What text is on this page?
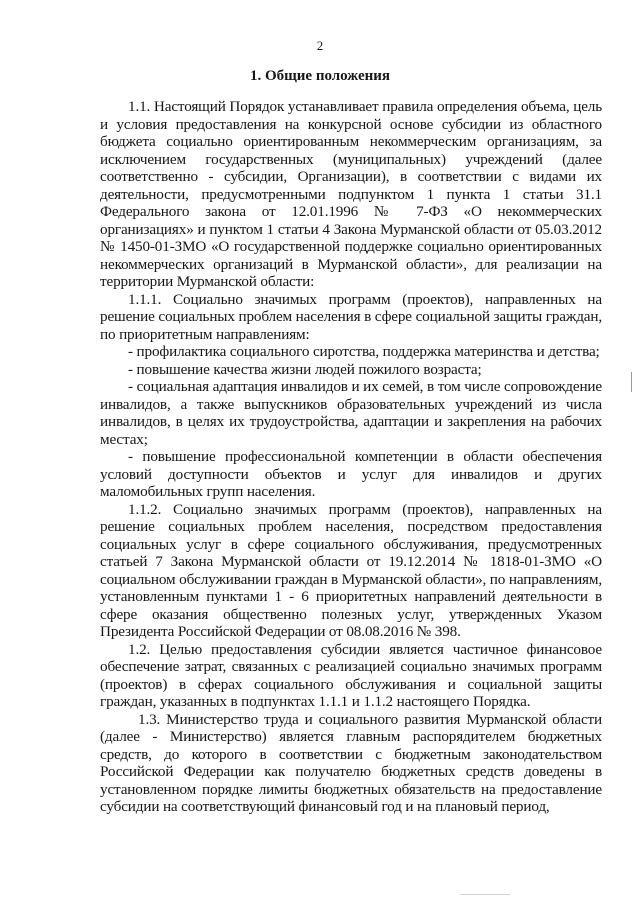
2
1. Общие положения

1.1. Настоящий Порядок устанавливает правила определения объема, цель и условия предоставления на конкурсной основе субсидии из областного бюджета социально ориентированным некоммерческим организациям, за исключением государственных (муниципальных) учреждений (далее соответственно - субсидии, Организации), в соответствии с видами их деятельности, предусмотренными подпунктом 1 пункта 1 статьи 31.1 Федерального закона от 12.01.1996 № 7-ФЗ «О некоммерческих организациях» и пунктом 1 статьи 4 Закона Мурманской области от 05.03.2012 № 1450-01-ЗМО «О государственной поддержке социально ориентированных некоммерческих организаций в Мурманской области», для реализации на территории Мурманской области:

1.1.1. Социально значимых программ (проектов), направленных на решение социальных проблем населения в сфере социальной защиты граждан, по приоритетным направлениям:

- профилактика социального сиротства, поддержка материнства и детства;

- повышение качества жизни людей пожилого возраста;

- социальная адаптация инвалидов и их семей, в том числе сопровождение инвалидов, а также выпускников образовательных учреждений из числа инвалидов, в целях их трудоустройства, адаптации и закрепления на рабочих местах;

- повышение профессиональной компетенции в области обеспечения условий доступности объектов и услуг для инвалидов и других маломобильных групп населения.

1.1.2. Социально значимых программ (проектов), направленных на решение социальных проблем населения, посредством предоставления социальных услуг в сфере социального обслуживания, предусмотренных статьей 7 Закона Мурманской области от 19.12.2014 № 1818-01-ЗМО «О социальном обслуживании граждан в Мурманской области», по направлениям, установленным пунктами 1 - 6 приоритетных направлений деятельности в сфере оказания общественно полезных услуг, утвержденных Указом Президента Российской Федерации от 08.08.2016 № 398.

1.2. Целью предоставления субсидии является частичное финансовое обеспечение затрат, связанных с реализацией социально значимых программ (проектов) в сферах социального обслуживания и социальной защиты граждан, указанных в подпунктах 1.1.1 и 1.1.2 настоящего Порядка.

1.3. Министерство труда и социального развития Мурманской области (далее - Министерство) является главным распорядителем бюджетных средств, до которого в соответствии с бюджетным законодательством Российской Федерации как получателю бюджетных средств доведены в установленном порядке лимиты бюджетных обязательств на предоставление субсидии на соответствующий финансовый год и на плановый период,
